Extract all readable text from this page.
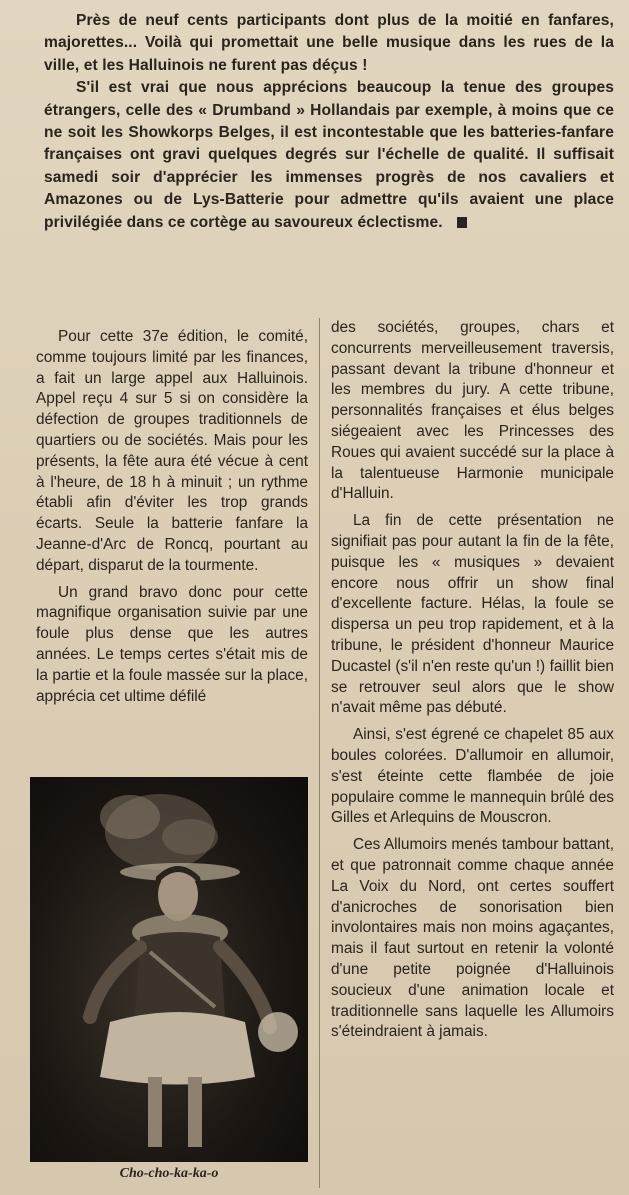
Près de neuf cents participants dont plus de la moitié en fanfares, majorettes... Voilà qui promettait une belle musique dans les rues de la ville, et les Halluinois ne furent pas déçus !

S'il est vrai que nous apprécions beaucoup la tenue des groupes étrangers, celle des « Drumband » Hollandais par exemple, à moins que ce ne soit les Showkorps Belges, il est incontestable que les batteries-fanfare françaises ont gravi quelques degrés sur l'échelle de qualité. Il suffisait samedi soir d'apprécier les immenses progrès de nos cavaliers et Amazones ou de Lys-Batterie pour admettre qu'ils avaient une place privilégiée dans ce cortège au savoureux éclectisme.

Pour cette 37e édition, le comité, comme toujours limité par les finances, a fait un large appel aux Halluinois. Appel reçu 4 sur 5 si on considère la défection de groupes traditionnels de quartiers ou de sociétés. Mais pour les présents, la fête aura été vécue à cent à l'heure, de 18 h à minuit ; un rythme établi afin d'éviter les trop grands écarts. Seule la batterie fanfare la Jeanne-d'Arc de Roncq, pourtant au départ, disparut de la tourmente.

Un grand bravo donc pour cette magnifique organisation suivie par une foule plus dense que les autres années. Le temps certes s'était mis de la partie et la foule massée sur la place, apprécia cet ultime défilé

des sociétés, groupes, chars et concurrents merveilleusement traversis, passant devant la tribune d'honneur et les membres du jury. A cette tribune, personnalités françaises et élus belges siégeaient avec les Princesses des Roues qui avaient succédé sur la place à la talentueuse Harmonie municipale d'Halluin.

La fin de cette présentation ne signifiait pas pour autant la fin de la fête, puisque les « musiques » devaient encore nous offrir un show final d'excellente facture. Hélas, la foule se dispersa un peu trop rapidement, et à la tribune, le président d'honneur Maurice Ducastel (s'il n'en reste qu'un !) faillit bien se retrouver seul alors que le show n'avait même pas débuté.

Ainsi, s'est égrené ce chapelet 85 aux boules colorées. D'allumoir en allumoir, s'est éteinte cette flambée de joie populaire comme le mannequin brûlé des Gilles et Arlequins de Mouscron.

Ces Allumoirs menés tambour battant, et que patronnait comme chaque année La Voix du Nord, ont certes souffert d'anicroches de sonorisation bien involontaires mais non moins agaçantes, mais il faut surtout en retenir la volonté d'une petite poignée d'Halluinois soucieux d'une animation locale et traditionnelle sans laquelle les Allumoirs s'éteindraient à jamais.

Cho-cho-ka-ka-o
